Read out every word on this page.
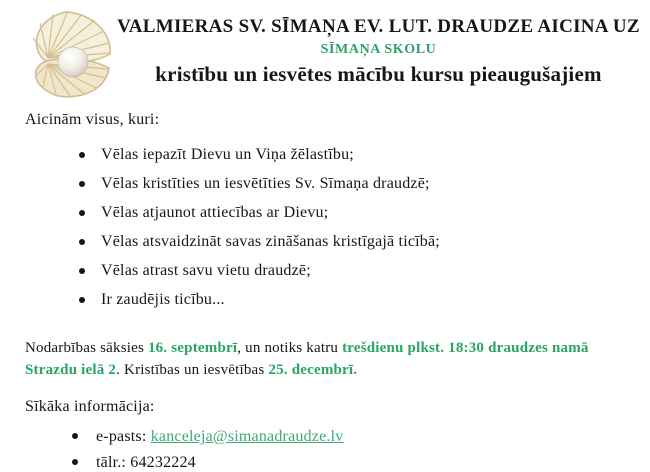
VALMIERAS SV. SĪMAŅA EV. LUT. DRAUDZE AICINA UZ
SĪMAŅA SKOLU
kristību un iesvētes mācību kursu pieaugušajiem
Aicinām visus, kuri:
Vēlas iepazīt Dievu un Viņa žēlastību;
Vēlas kristīties un iesvētīties Sv. Sīmaņa draudzē;
Vēlas atjaunot attiecības ar Dievu;
Vēlas atsvaidzināt savas zināšanas kristīgajā ticībā;
Vēlas atrast savu vietu draudzē;
Ir zaudējis ticību...
Nodarbības sāksies 16. septembrī, un notiks katru trešdienu plkst. 18:30 draudzes namā Strazdu ielā 2. Kristības un iesvētības 25. decembrī.
Sīkāka informācija:
e-pasts: kanceleja@simanadraudze.lv
tālr.: 64232224
